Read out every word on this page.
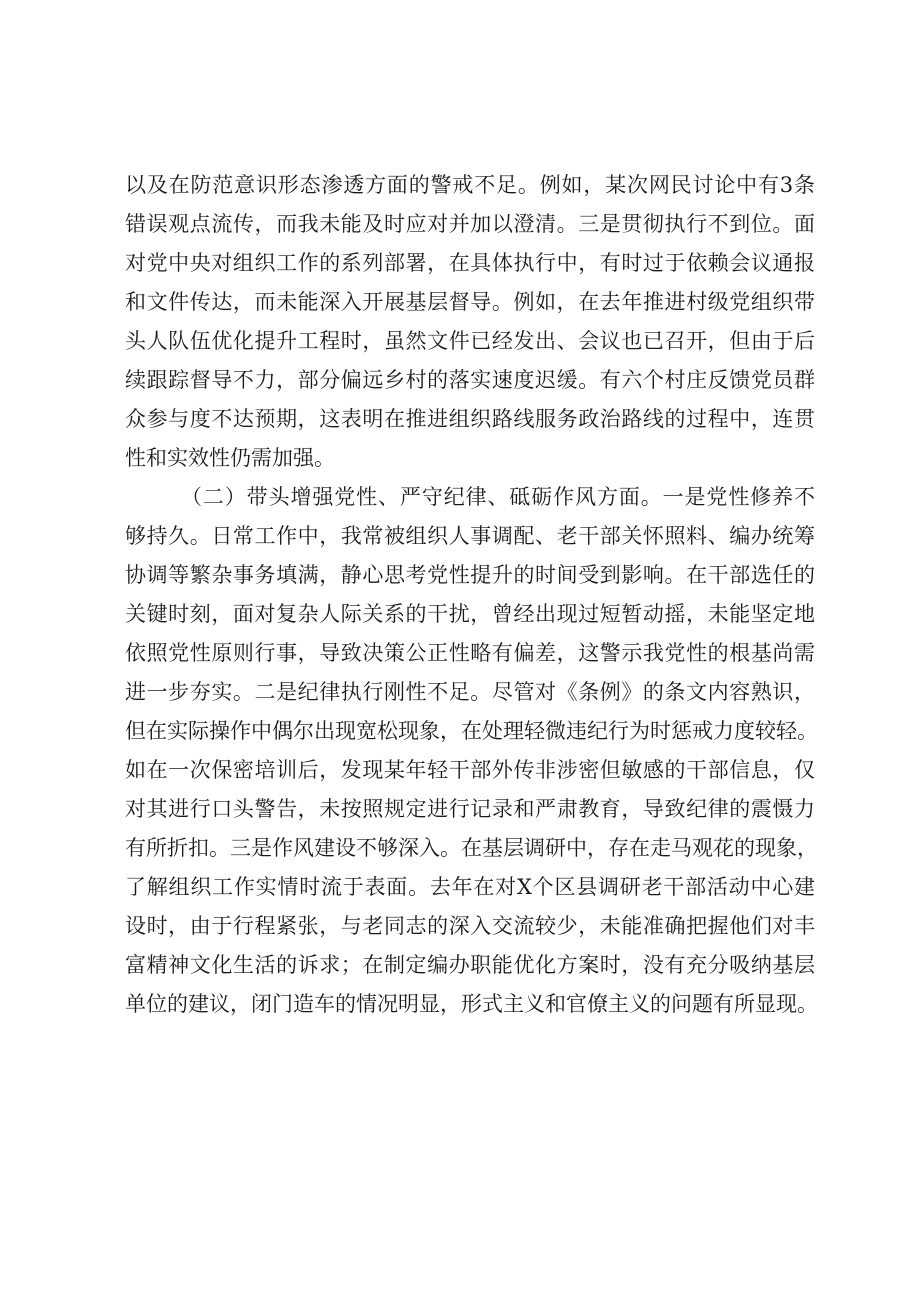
以及在防范意识形态渗透方面的警戒不足。例如，某次网民讨论中有3条
错误观点流传，而我未能及时应对并加以澄清。三是贯彻执行不到位。面
对党中央对组织工作的系列部署，在具体执行中，有时过于依赖会议通报
和文件传达，而未能深入开展基层督导。例如，在去年推进村级党组织带
头人队伍优化提升工程时，虽然文件已经发出、会议也已召开，但由于后
续跟踪督导不力，部分偏远乡村的落实速度迟缓。有六个村庄反馈党员群
众参与度不达预期，这表明在推进组织路线服务政治路线的过程中，连贯
性和实效性仍需加强。
（二）带头增强党性、严守纪律、砥砺作风方面。一是党性修养不
够持久。日常工作中，我常被组织人事调配、老干部关怀照料、编办统筹
协调等繁杂事务填满，静心思考党性提升的时间受到影响。在干部选任的
关键时刻，面对复杂人际关系的干扰，曾经出现过短暂动摇，未能坚定地
依照党性原则行事，导致决策公正性略有偏差，这警示我党性的根基尚需
进一步夯实。二是纪律执行刚性不足。尽管对《条例》的条文内容熟识，
但在实际操作中偶尔出现宽松现象，在处理轻微违纪行为时惩戒力度较轻。
如在一次保密培训后，发现某年轻干部外传非涉密但敏感的干部信息，仅
对其进行口头警告，未按照规定进行记录和严肃教育，导致纪律的震慑力
有所折扣。三是作风建设不够深入。在基层调研中，存在走马观花的现象，
了解组织工作实情时流于表面。去年在对X个区县调研老干部活动中心建
设时，由于行程紧张，与老同志的深入交流较少，未能准确把握他们对丰
富精神文化生活的诉求；在制定编办职能优化方案时，没有充分吸纳基层
单位的建议，闭门造车的情况明显，形式主义和官僚主义的问题有所显现。
